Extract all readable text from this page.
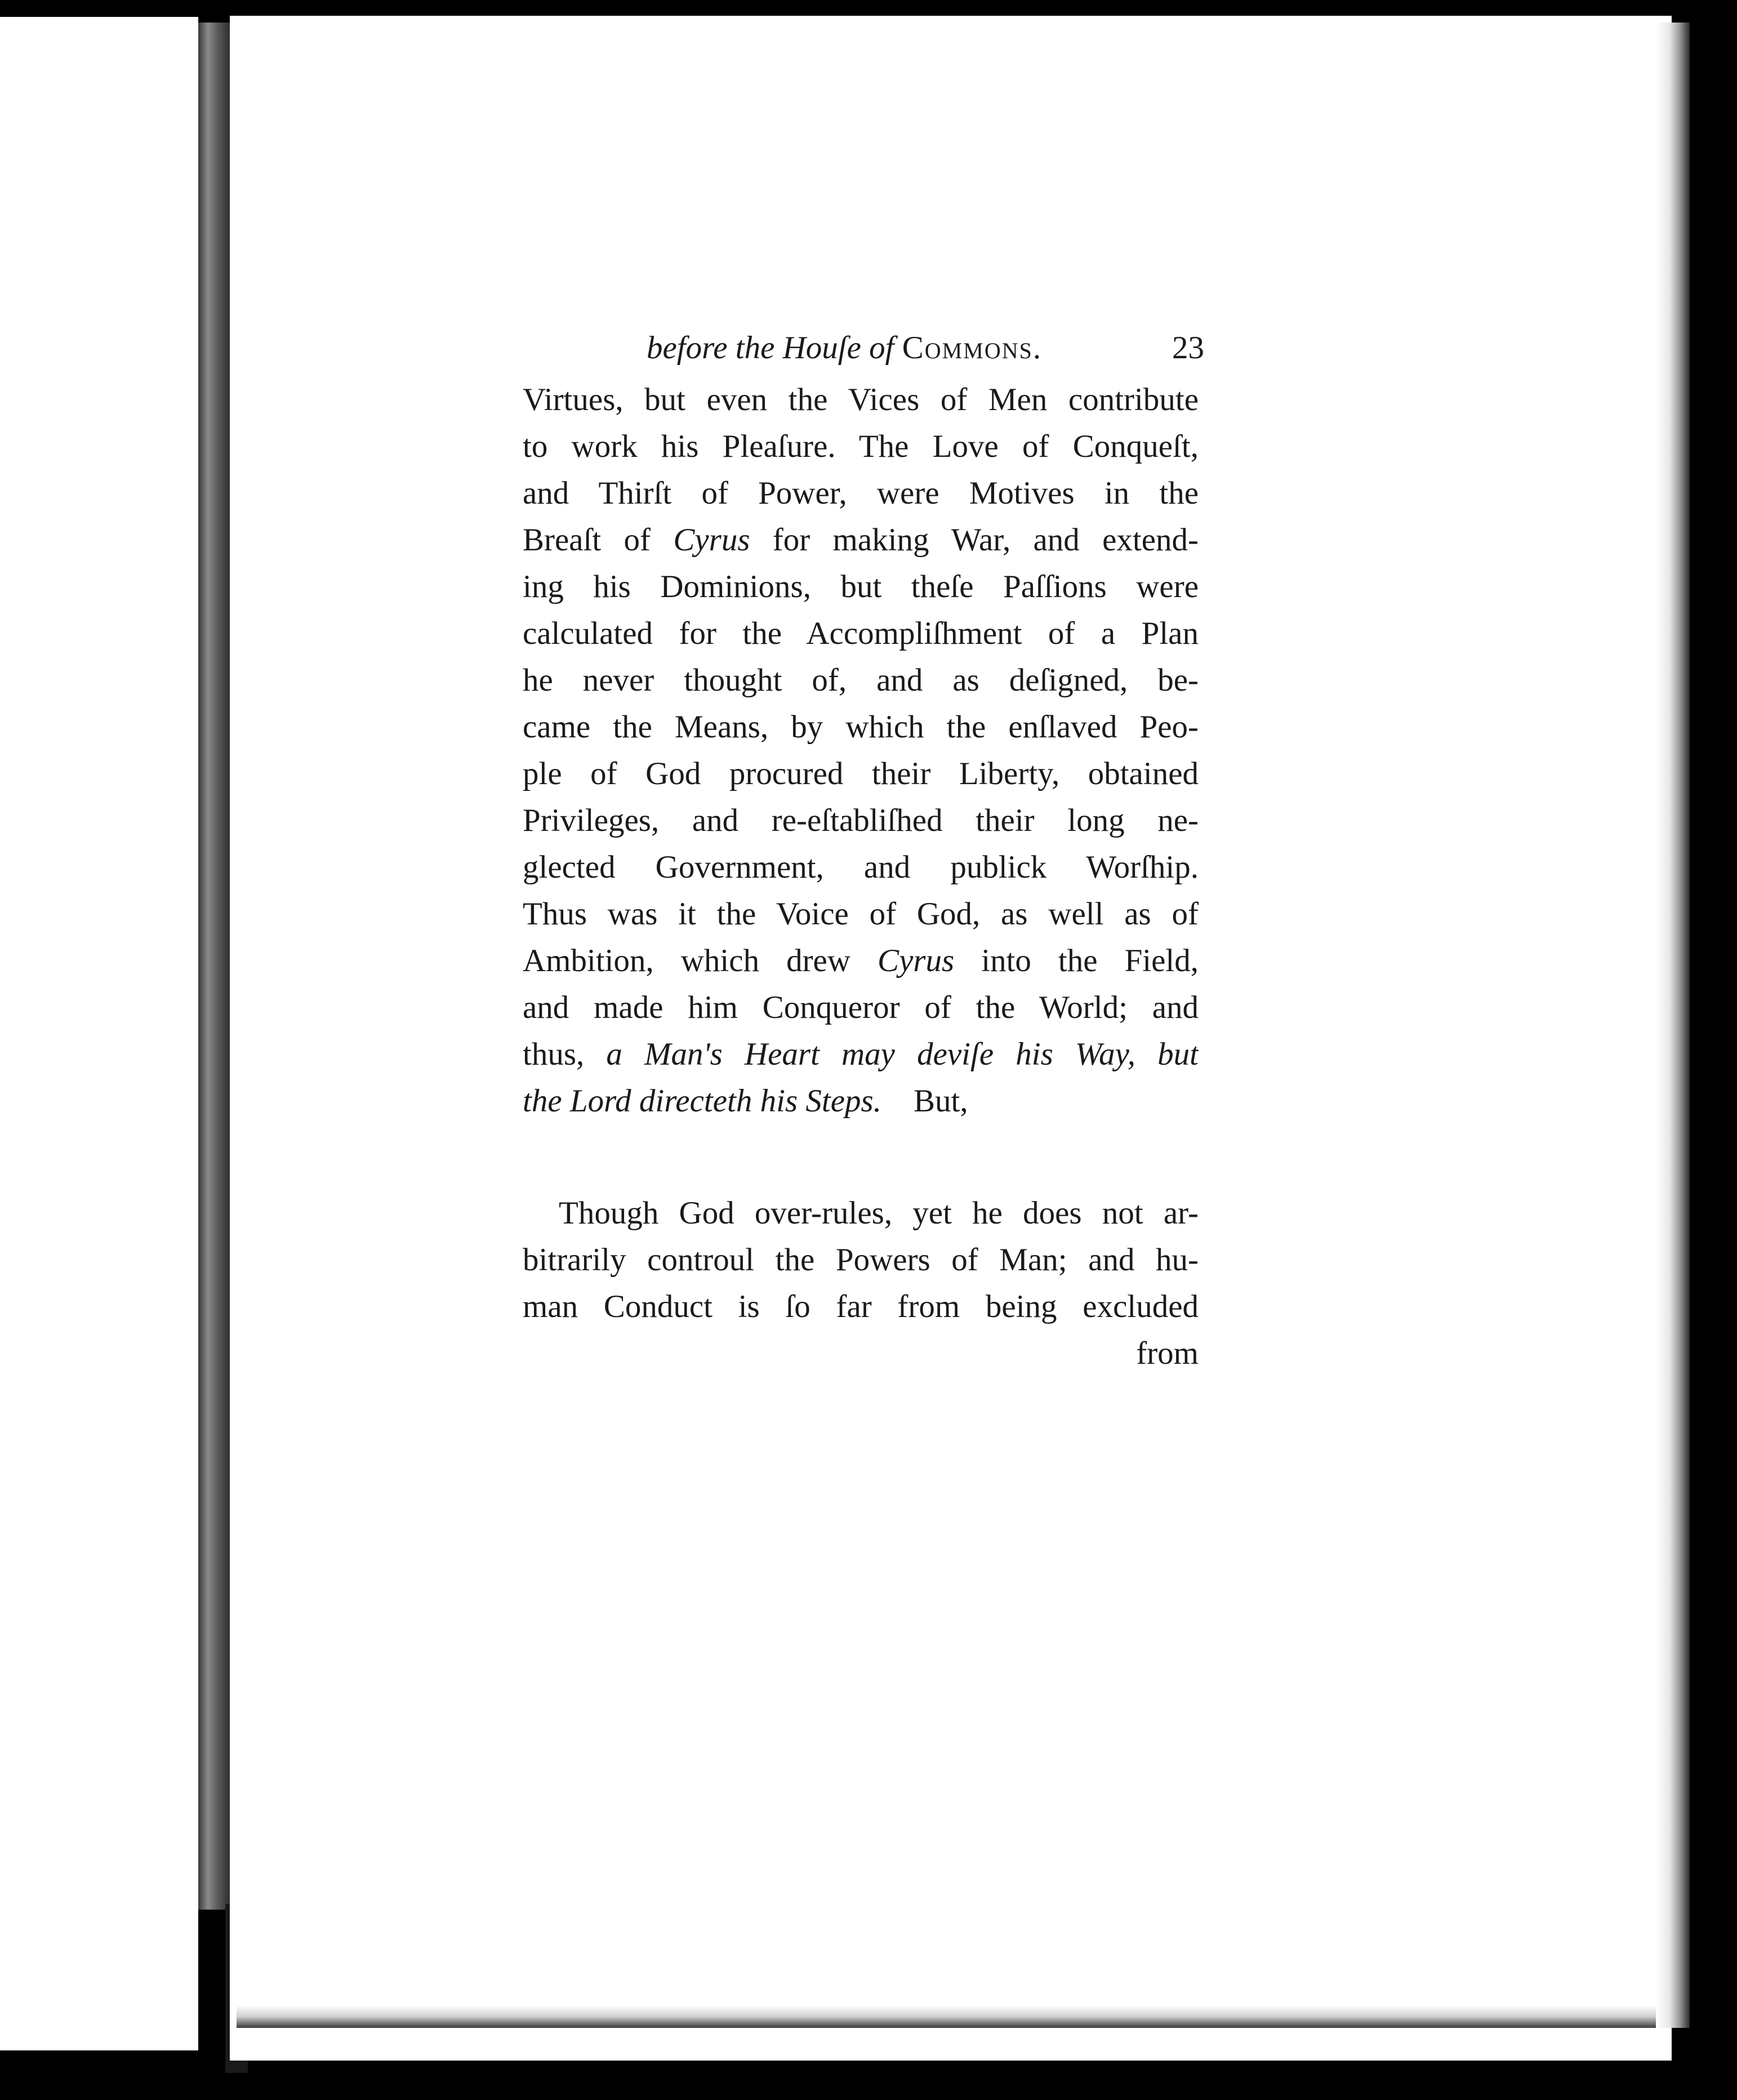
before the Houſe of Commons.	23
Virtues, but even the Vices of Men contribute
to work his Pleaſure. The Love of Conqueſt,
and Thirſt of Power, were Motives in the
Breaſt of Cyrus for making War, and extend-
ing his Dominions, but theſe Paſſions were
calculated for the Accompliſhment of a Plan
he never thought of, and as deſigned, be-
came the Means, by which the enſlaved Peo-
ple of God procured their Liberty, obtained
Privileges, and re-eſtabliſhed their long ne-
glected Government, and publick Worſhip.
Thus was it the Voice of God, as well as of
Ambition, which drew Cyrus into the Field,
and made him Conqueror of the World; and
thus, a Man's Heart may deviſe his Way, but
the Lord directeth his Steps.    But,
Though God over-rules, yet he does not ar-
bitrarily controul the Powers of Man; and hu-
man Conduct is ſo far from being excluded
from
